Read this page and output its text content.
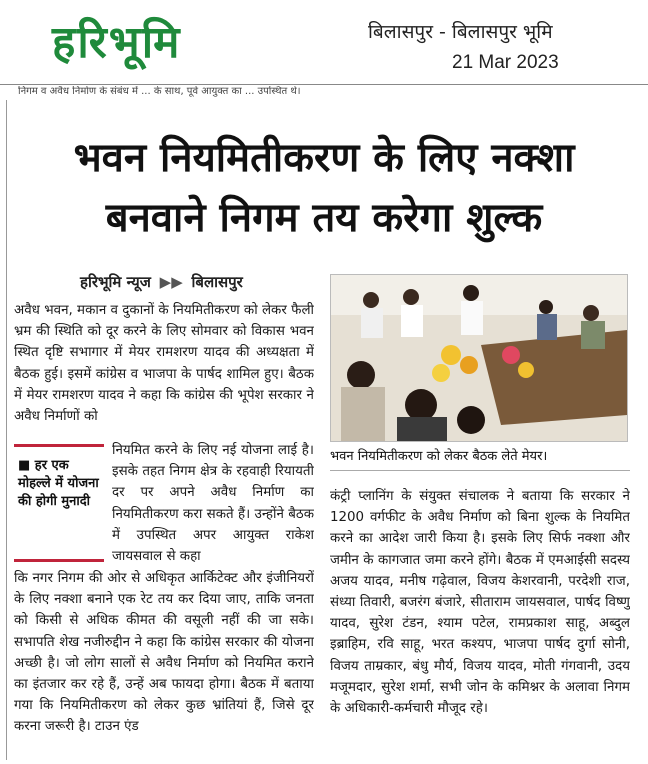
हरिभूमि	बिलासपुर - बिलासपुर भूमि
21 Mar 2023
निगम व अवैध निर्माण के संबंध में ... के साथ, पूर्व आयुक्त का ... उपस्थित थे।
भवन नियमितीकरण के लिए नक्शा
बनवाने निगम तय करेगा शुल्क
हरिभूमि न्यूज ▶▶ बिलासपुर
अवैध भवन, मकान व दुकानों के नियमितीकरण को लेकर फैली भ्रम की स्थिति को दूर करने के लिए सोमवार को विकास भवन स्थित दृष्टि सभागार में मेयर रामशरण यादव की अध्यक्षता में बैठक हुई। इसमें कांग्रेस व भाजपा के पार्षद शामिल हुए। बैठक में मेयर रामशरण यादव ने कहा कि कांग्रेस की भूपेश सरकार ने अवैध निर्माणों को
■ हर एक मोहल्ले में योजना की होगी मुनादी
नियमित करने के लिए नई योजना लाई है। इसके तहत निगम क्षेत्र के रहवाही रियायती दर पर अपने अवैध निर्माण का नियमितीकरण करा सकते हैं। उन्होंने बैठक में उपस्थित अपर आयुक्त राकेश जायसवाल से कहा
कि नगर निगम की ओर से अधिकृत आर्किटेक्ट और इंजीनियरों के लिए नक्शा बनाने एक रेट तय कर दिया जाए, ताकि जनता को किसी से अधिक कीमत की वसूली नहीं की जा सके। सभापति शेख नजीरुद्दीन ने कहा कि कांग्रेस सरकार की योजना अच्छी है। जो लोग सालों से अवैध निर्माण को नियमित कराने का इंतजार कर रहे हैं, उन्हें अब फायदा होगा। बैठक में बताया गया कि नियमितीकरण को लेकर कुछ भ्रांतियां हैं, जिसे दूर करना जरूरी है। टाउन एंड
भवन नियमितीकरण को लेकर बैठक लेते मेयर।
कंट्री प्लानिंग के संयुक्त संचालक ने बताया कि सरकार ने 1200 वर्गफीट के अवैध निर्माण को बिना शुल्क के नियमित करने का आदेश जारी किया है। इसके लिए सिर्फ नक्शा और जमीन के कागजात जमा करने होंगे। बैठक में एमआईसी सदस्य अजय यादव, मनीष गढ़ेवाल, विजय केशरवानी, परदेशी राज, संध्या तिवारी, बजरंग बंजारे, सीताराम जायसवाल, पार्षद विष्णु यादव, सुरेश टंडन, श्याम पटेल, रामप्रकाश साहू, अब्दुल इब्राहिम, रवि साहू, भरत कश्यप, भाजपा पार्षद दुर्गा सोनी, विजय ताम्रकार, बंधु मौर्य, विजय यादव, मोती गंगवानी, उदय मजूमदार, सुरेश शर्मा, सभी जोन के कमिश्नर के अलावा निगम के अधिकारी-कर्मचारी मौजूद रहे।
